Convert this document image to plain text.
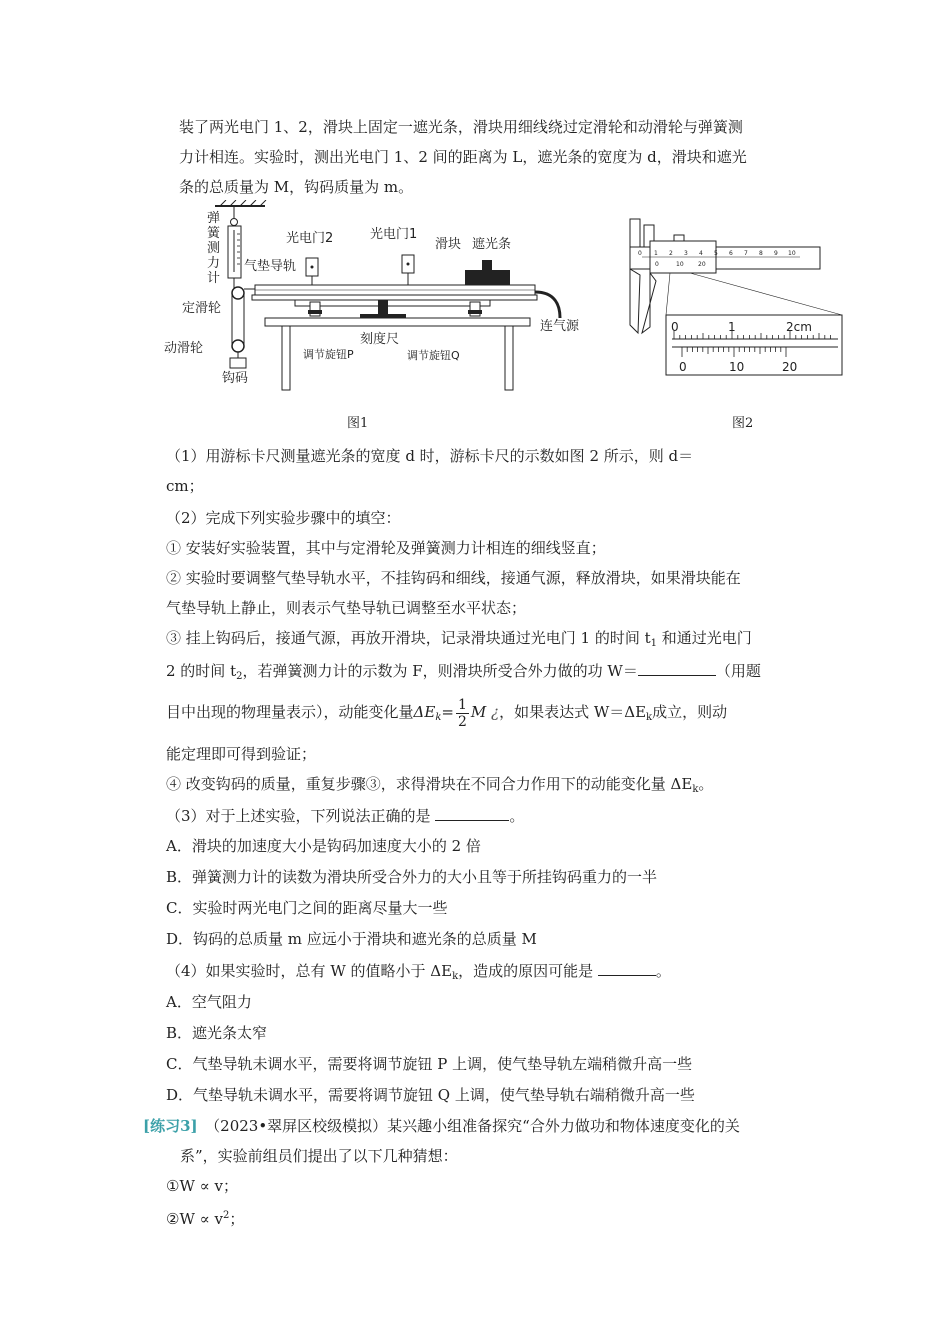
装了两光电门 1、2，滑块上固定一遮光条，滑块用细线绕过定滑轮和动滑轮与弹簧测
力计相连。实验时，测出光电门 1、2 间的距离为 L，遮光条的宽度为 d，滑块和遮光
条的总质量为 M，钩码质量为 m。
弹
簧
测
力
计
光电门2	光电门1
滑块 遮光条
气垫导轨
定滑轮
动滑轮
钩码
刻度尺
连气源
调节旋钮P	调节旋钮Q
图1
0 1 2 3 4 5 6 7 8 9 10
0	10 20
0	1	2cm
0	10	20
图2
（1）用游标卡尺测量遮光条的宽度 d 时，游标卡尺的示数如图 2 所示，则 d＝
cm；
（2）完成下列实验步骤中的填空：
① 安装好实验装置，其中与定滑轮及弹簧测力计相连的细线竖直；
② 实验时要调整气垫导轨水平，不挂钩码和细线，接通气源，释放滑块，如果滑块能在
气垫导轨上静止，则表示气垫导轨已调整至水平状态；
③ 挂上钩码后，接通气源，再放开滑块，记录滑块通过光电门 1 的时间 $t_1$ 和通过光电门
2 的时间 $t_2$，若弹簧测力计的示数为 F，则滑块所受合外力做的功 W＝	（用题
目中出现的物理量表示），动能变化量$\Delta E_k= \frac{1}{2}$ M ¿，如果表达式 $W=\Delta E_k$成立，则动
能定理即可得到验证；
④ 改变钩码的质量，重复步骤③，求得滑块在不同合力作用下的动能变化量 $\Delta E_k$。
（3）对于上述实验，下列说法正确的是	。
A．滑块的加速度大小是钩码加速度大小的 2 倍
B．弹簧测力计的读数为滑块所受合外力的大小且等于所挂钩码重力的一半
C．实验时两光电门之间的距离尽量大一些
D．钩码的总质量 m 应远小于滑块和遮光条的总质量 M
（4）如果实验时，总有 W 的值略小于 $\Delta E_k$，造成的原因可能是	。
A．空气阻力
B．遮光条太窄
C．气垫导轨未调水平，需要将调节旋钮 P 上调，使气垫导轨左端稍微升高一些
D．气垫导轨未调水平，需要将调节旋钮 Q 上调，使气垫导轨右端稍微升高一些
[练习3]　 （2023•翠屏区校级模拟）某兴趣小组准备探究“合外力做功和物体速度变化的关
系”，实验前组员们提出了以下几种猜想：
①W ∝ v；
②W ∝ $v^2$；
